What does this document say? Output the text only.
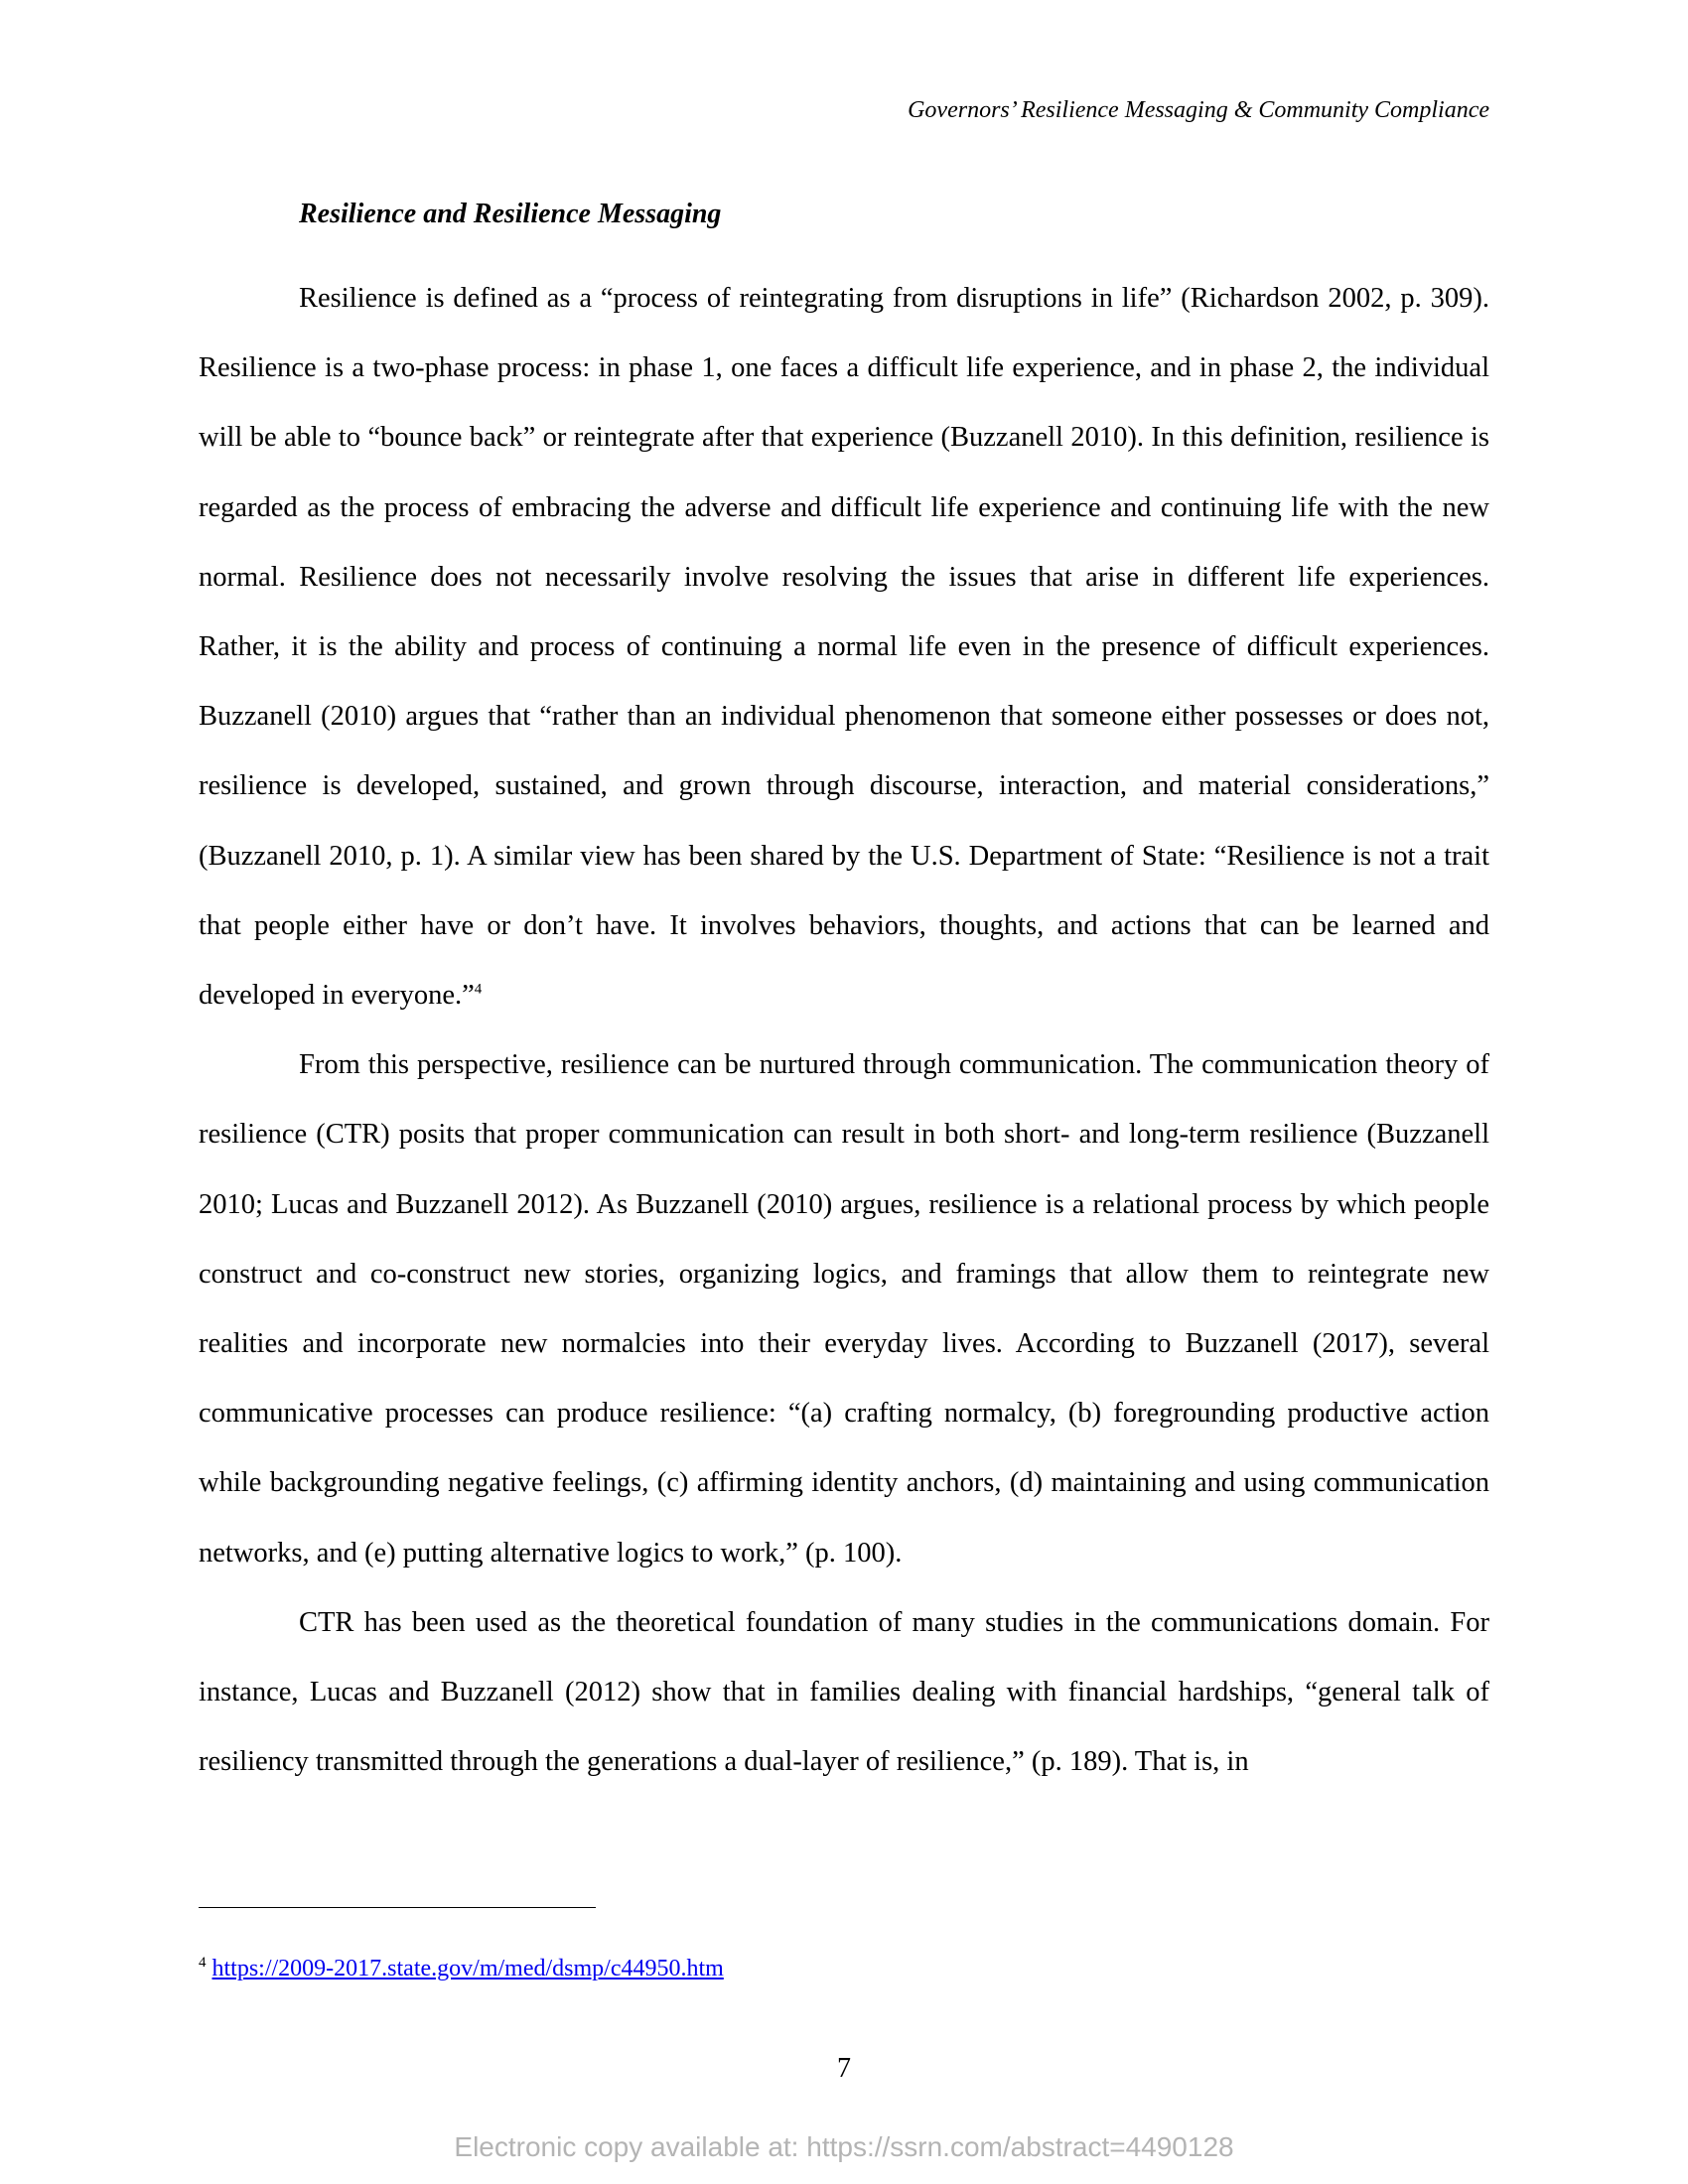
Governors’ Resilience Messaging & Community Compliance
Resilience and Resilience Messaging

Resilience is defined as a “process of reintegrating from disruptions in life” (Richardson 2002, p. 309). Resilience is a two-phase process: in phase 1, one faces a difficult life experience, and in phase 2, the individual will be able to “bounce back” or reintegrate after that experience (Buzzanell 2010). In this definition, resilience is regarded as the process of embracing the adverse and difficult life experience and continuing life with the new normal. Resilience does not necessarily involve resolving the issues that arise in different life experiences. Rather, it is the ability and process of continuing a normal life even in the presence of difficult experiences. Buzzanell (2010) argues that “rather than an individual phenomenon that someone either possesses or does not, resilience is developed, sustained, and grown through discourse, interaction, and material considerations,” (Buzzanell 2010, p. 1). A similar view has been shared by the U.S. Department of State: “Resilience is not a trait that people either have or don’t have. It involves behaviors, thoughts, and actions that can be learned and developed in everyone.”$^4$

From this perspective, resilience can be nurtured through communication. The communication theory of resilience (CTR) posits that proper communication can result in both short- and long-term resilience (Buzzanell 2010; Lucas and Buzzanell 2012). As Buzzanell (2010) argues, resilience is a relational process by which people construct and co-construct new stories, organizing logics, and framings that allow them to reintegrate new realities and incorporate new normalcies into their everyday lives. According to Buzzanell (2017), several communicative processes can produce resilience: “(a) crafting normalcy, (b) foregrounding productive action while backgrounding negative feelings, (c) affirming identity anchors, (d) maintaining and using communication networks, and (e) putting alternative logics to work,” (p. 100).

CTR has been used as the theoretical foundation of many studies in the communications domain. For instance, Lucas and Buzzanell (2012) show that in families dealing with financial hardships, “general talk of resiliency transmitted through the generations a dual-layer of resilience,” (p. 189). That is, in

$^4$ https://2009-2017.state.gov/m/med/dsmp/c44950.htm
7
Electronic copy available at: https://ssrn.com/abstract=4490128
